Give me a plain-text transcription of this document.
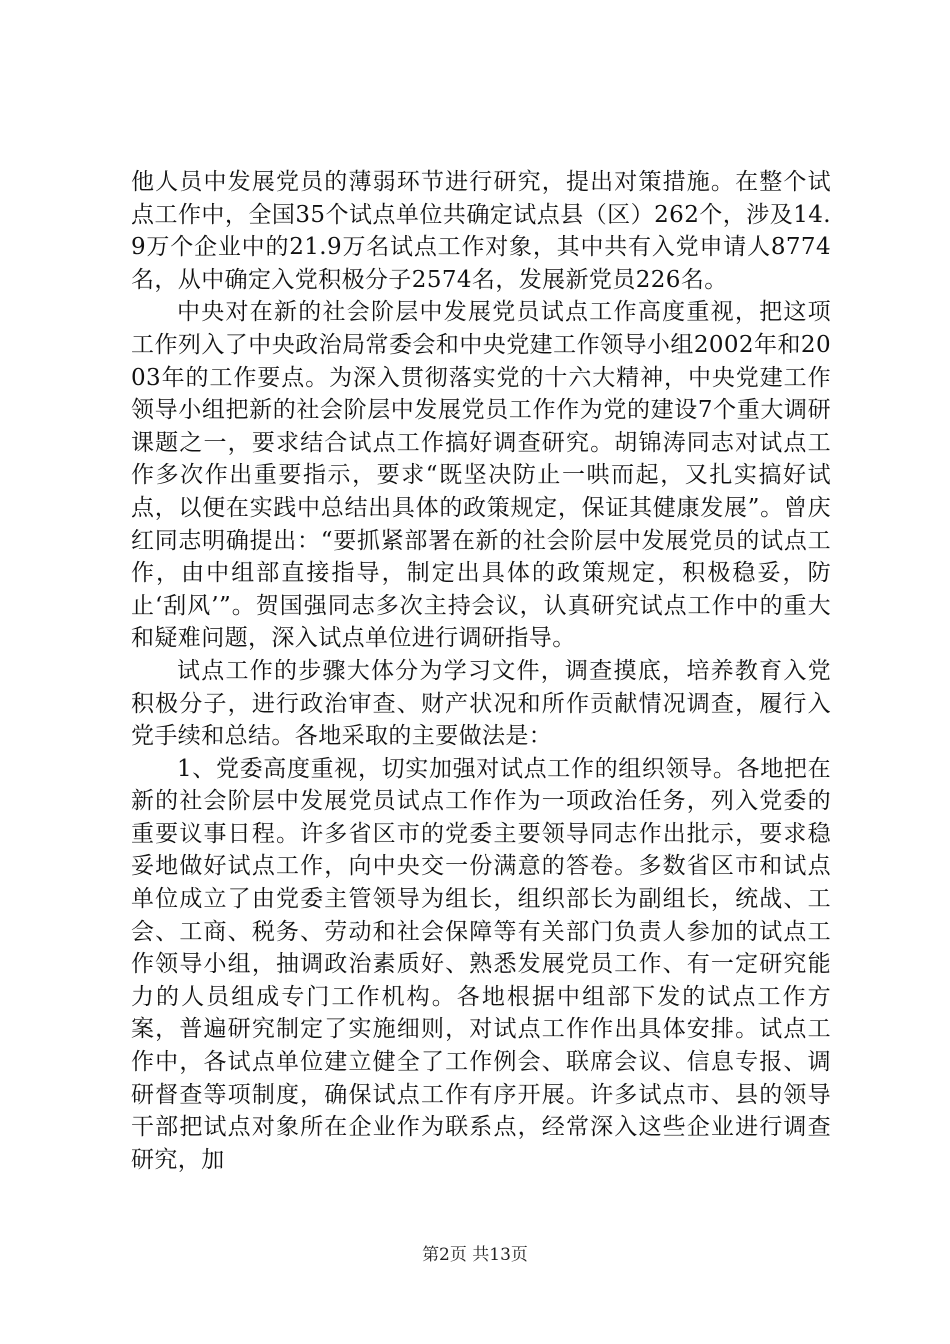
他人员中发展党员的薄弱环节进行研究，提出对策措施。在整个试点工作中，全国35个试点单位共确定试点县（区）262个，涉及14.9万个企业中的21.9万名试点工作对象，其中共有入党申请人8774名，从中确定入党积极分子2574名，发展新党员226名。

中央对在新的社会阶层中发展党员试点工作高度重视，把这项工作列入了中央政治局常委会和中央党建工作领导小组2002年和2003年的工作要点。为深入贯彻落实党的十六大精神，中央党建工作领导小组把新的社会阶层中发展党员工作作为党的建设7个重大调研课题之一，要求结合试点工作搞好调查研究。胡锦涛同志对试点工作多次作出重要指示，要求“既坚决防止一哄而起，又扎实搞好试点，以便在实践中总结出具体的政策规定，保证其健康发展”。曾庆红同志明确提出：“要抓紧部署在新的社会阶层中发展党员的试点工作，由中组部直接指导，制定出具体的政策规定，积极稳妥，防止‘刮风’”。贺国强同志多次主持会议，认真研究试点工作中的重大和疑难问题，深入试点单位进行调研指导。

试点工作的步骤大体分为学习文件，调查摸底，培养教育入党积极分子，进行政治审查、财产状况和所作贡献情况调查，履行入党手续和总结。各地采取的主要做法是：

1、党委高度重视，切实加强对试点工作的组织领导。各地把在新的社会阶层中发展党员试点工作作为一项政治任务，列入党委的重要议事日程。许多省区市的党委主要领导同志作出批示，要求稳妥地做好试点工作，向中央交一份满意的答卷。多数省区市和试点单位成立了由党委主管领导为组长，组织部长为副组长，统战、工会、工商、税务、劳动和社会保障等有关部门负责人参加的试点工作领导小组，抽调政治素质好、熟悉发展党员工作、有一定研究能力的人员组成专门工作机构。各地根据中组部下发的试点工作方案，普遍研究制定了实施细则，对试点工作作出具体安排。试点工作中，各试点单位建立健全了工作例会、联席会议、信息专报、调研督查等项制度，确保试点工作有序开展。许多试点市、县的领导干部把试点对象所在企业作为联系点，经常深入这些企业进行调查研究，加

第2页 共13页
